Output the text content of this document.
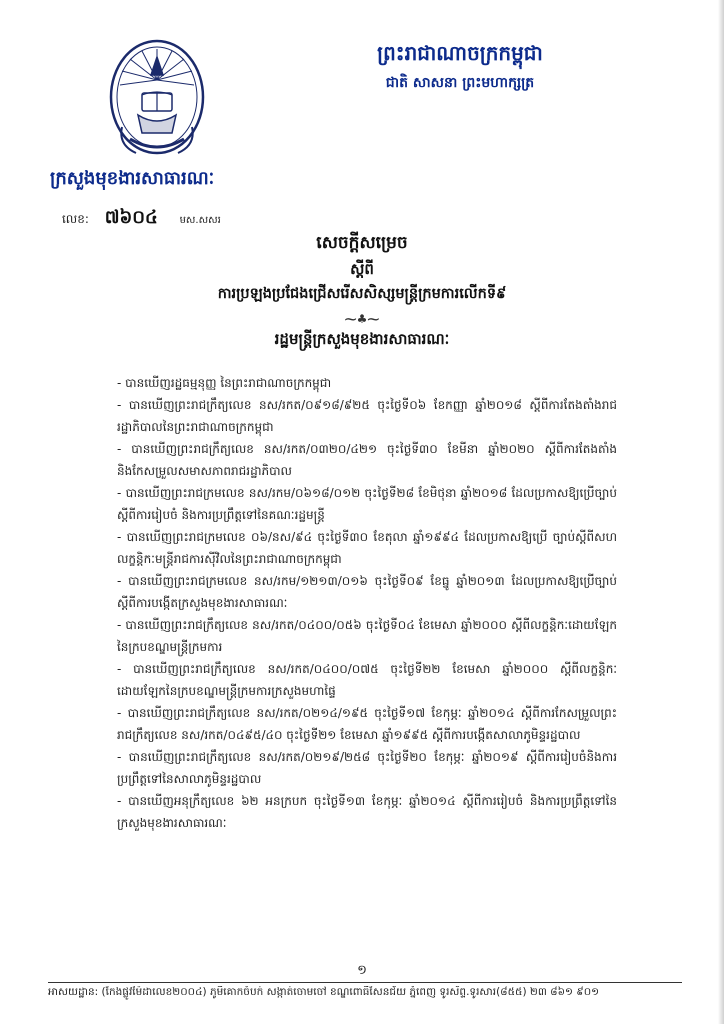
ព្រះរាជាណាចក្រកម្ពុជា
ជាតិ សាសនា ព្រះមហាក្សត្រ
ក្រសួងមុខងារសាធារណៈ
លេខ: ៧៦០៤ មស.សសរ
សេចក្តីសម្រេច
ស្តីពី
ការប្រឡងប្រជែងជ្រើសរើសសិស្សមន្ត្រីក្រមការលើកទី៩
⁓♣⁓
រដ្ឋមន្ត្រីក្រសួងមុខងារសាធារណៈ
- បានឃើញរដ្ឋធម្មនុញ្ញ នៃព្រះរាជាណាចក្រកម្ពុជា
- បានឃើញព្រះរាជក្រឹត្យលេខ នស/រកត/០៩១៨/៩២៥ ចុះថ្ងៃទី០៦ ខែកញ្ញា ឆ្នាំ២០១៨ ស្តីពីការតែងតាំងរាជរដ្ឋាភិបាលនៃព្រះរាជាណាចក្រកម្ពុជា
- បានឃើញព្រះរាជក្រឹត្យលេខ នស/រកត/០៣២០/៤២១ ចុះថ្ងៃទី៣០ ខែមីនា ឆ្នាំ២០២០ ស្តីពីការតែងតាំង និងកែសម្រួលសមាសភាពរាជរដ្ឋាភិបាល
- បានឃើញព្រះរាជក្រមលេខ នស/រកម/០៦១៨/០១២ ចុះថ្ងៃទី២៨ ខែមិថុនា ឆ្នាំ២០១៨ ដែលប្រកាសឱ្យប្រើច្បាប់ស្តីពីការរៀបចំ និងការប្រព្រឹត្តទៅនៃគណៈរដ្ឋមន្ត្រី
- បានឃើញព្រះរាជក្រមលេខ ០៦/នស/៩៤ ចុះថ្ងៃទី៣០ ខែតុលា ឆ្នាំ១៩៩៤ ដែលប្រកាសឱ្យប្រើ ច្បាប់ស្តីពីសហលក្ខន្តិកៈមន្ត្រីរាជការស៊ីវិលនៃព្រះរាជាណាចក្រកម្ពុជា
- បានឃើញព្រះរាជក្រមលេខ នស/រកម/១២១៣/០១៦ ចុះថ្ងៃទី០៩ ខែធ្នូ ឆ្នាំ២០១៣ ដែលប្រកាសឱ្យប្រើច្បាប់ស្តីពីការបង្កើតក្រសួងមុខងារសាធារណៈ
- បានឃើញព្រះរាជក្រឹត្យលេខ នស/រកត/០៤០០/០៥៦ ចុះថ្ងៃទី០៤ ខែមេសា ឆ្នាំ២០០០ ស្តីពីលក្ខន្តិកៈដោយឡែកនៃក្របខណ្ឌមន្ត្រីក្រមការ
- បានឃើញព្រះរាជក្រឹត្យលេខ នស/រកត/០៤០០/០៧៥ ចុះថ្ងៃទី២២ ខែមេសា ឆ្នាំ២០០០ ស្តីពីលក្ខន្តិកៈដោយឡែកនៃក្របខណ្ឌមន្ត្រីក្រមការក្រសួងមហាផ្ទៃ
- បានឃើញព្រះរាជក្រឹត្យលេខ នស/រកត/០២១៤/១៩៥ ចុះថ្ងៃទី១៧ ខែកុម្ភៈ ឆ្នាំ២០១៤ ស្តីពីការកែសម្រួលព្រះរាជក្រឹត្យលេខ នស/រកត/០៤៩៥/៤០ ចុះថ្ងៃទី២១ ខែមេសា ឆ្នាំ១៩៩៥ ស្តីពីការបង្កើតសាលាភូមិន្ទរដ្ឋបាល
- បានឃើញព្រះរាជក្រឹត្យលេខ នស/រកត/០២១៩/២៥៨ ចុះថ្ងៃទី២០ ខែកុម្ភៈ ឆ្នាំ២០១៩ ស្តីពីការរៀបចំនិងការប្រព្រឹត្តទៅនៃសាលាភូមិន្ទរដ្ឋបាល
- បានឃើញអនុក្រឹត្យលេខ ៦២ អនក្របក ចុះថ្ងៃទី១៣ ខែកុម្ភៈ ឆ្នាំ២០១៤ ស្តីពីការរៀបចំ និងការប្រព្រឹត្តទៅនៃក្រសួងមុខងារសាធារណៈ
១
អាសយដ្ឋាន: (កែងផ្លូវម៉ៃដាលេខ២០០៤) ភូមិគោកចំបក់ សង្កាត់ចោមចៅ ខណ្ឌពោធិ៍សែនជ័យ ភ្នំពេញ ទូរស័ព្ទ.ទូរសារ(៨៥៥) ២៣ ៨៦១ ៩០១
